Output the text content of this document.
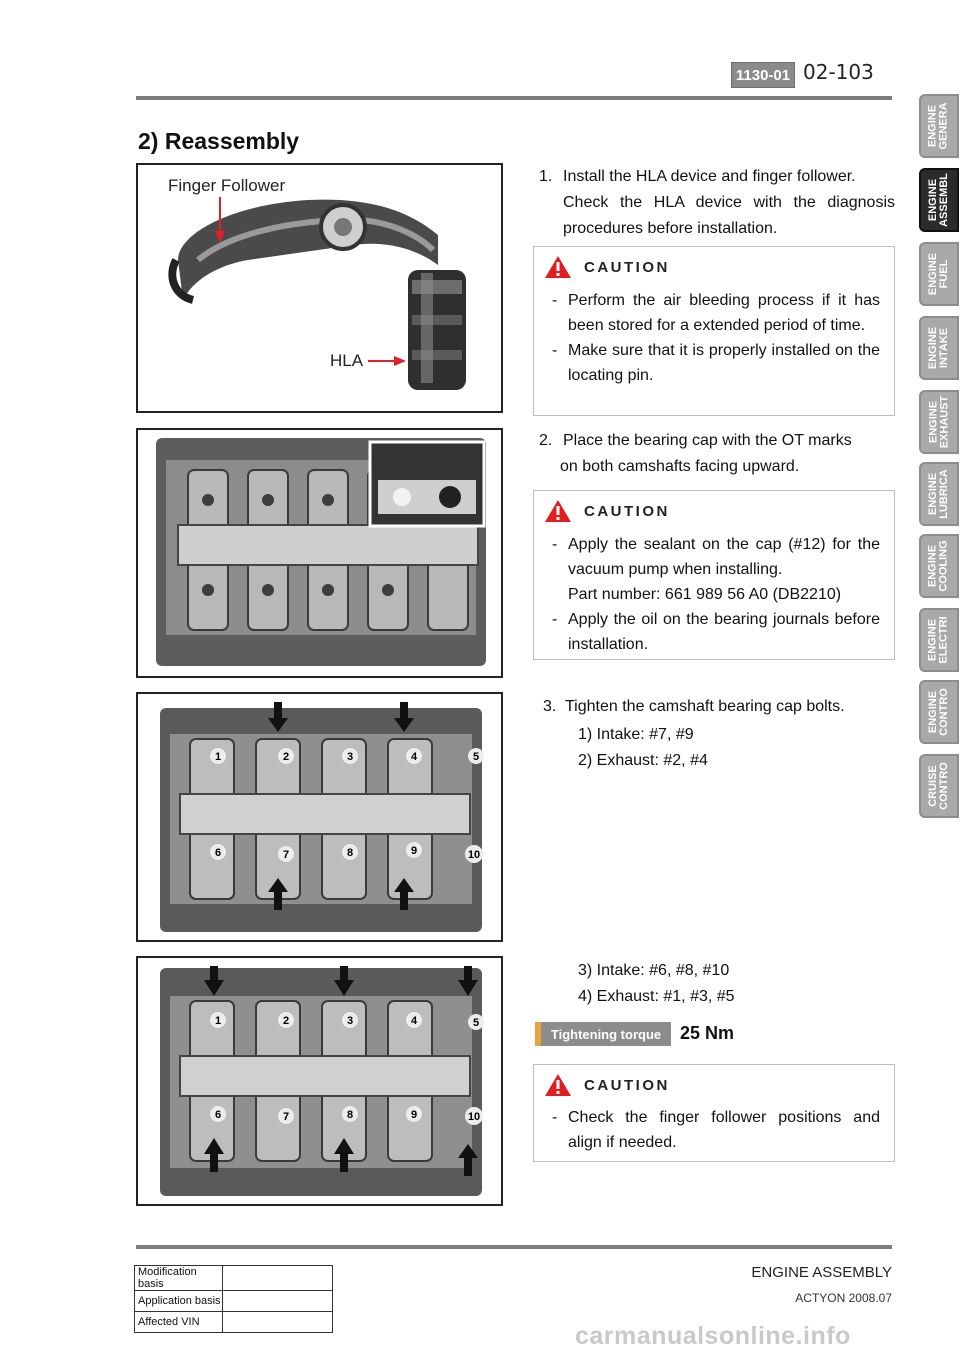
1130-01 02-103
2) Reassembly	ENGINE
GENERA
ENGINE
ASSEMBL
ENGINE
FUEL
ENGINE
INTAKE
ENGINE
EXHAUST
ENGINE
LUBRICA
ENGINE
COOLING
ENGINE
ELECTRI
ENGINE
CONTRO
CRUISE
CONTRO
Finger Follower
HLA
1	2	3	4	5
6	7	8	9	10
1	2	3	4	5
6	7	8	9	10
1. Install the HLA device and finger follower.
Check the HLA device with the diagnosis procedures before installation.
CAUTION
- Perform the air bleeding process if it has been stored for a extended period of time.
- Make sure that it is properly installed on the locating pin.
2. Place the bearing cap with the OT marks
on both camshafts facing upward.
CAUTION
- Apply the sealant on the cap (#12) for the vacuum pump when installing.
Part number: 661 989 56 A0 (DB2210)
- Apply the oil on the bearing journals before installation.
3. Tighten the camshaft bearing cap bolts.
1) Intake: #7, #9
2) Exhaust: #2, #4
3) Intake: #6, #8, #10
4) Exhaust: #1, #3, #5
Tightening torque	25 Nm
CAUTION
- Check the finger follower positions and align if needed.
ENGINE ASSEMBLY
ACTYON 2008.07
Modification basis	
Application basis	
Affected VIN		carmanualsonline.info
